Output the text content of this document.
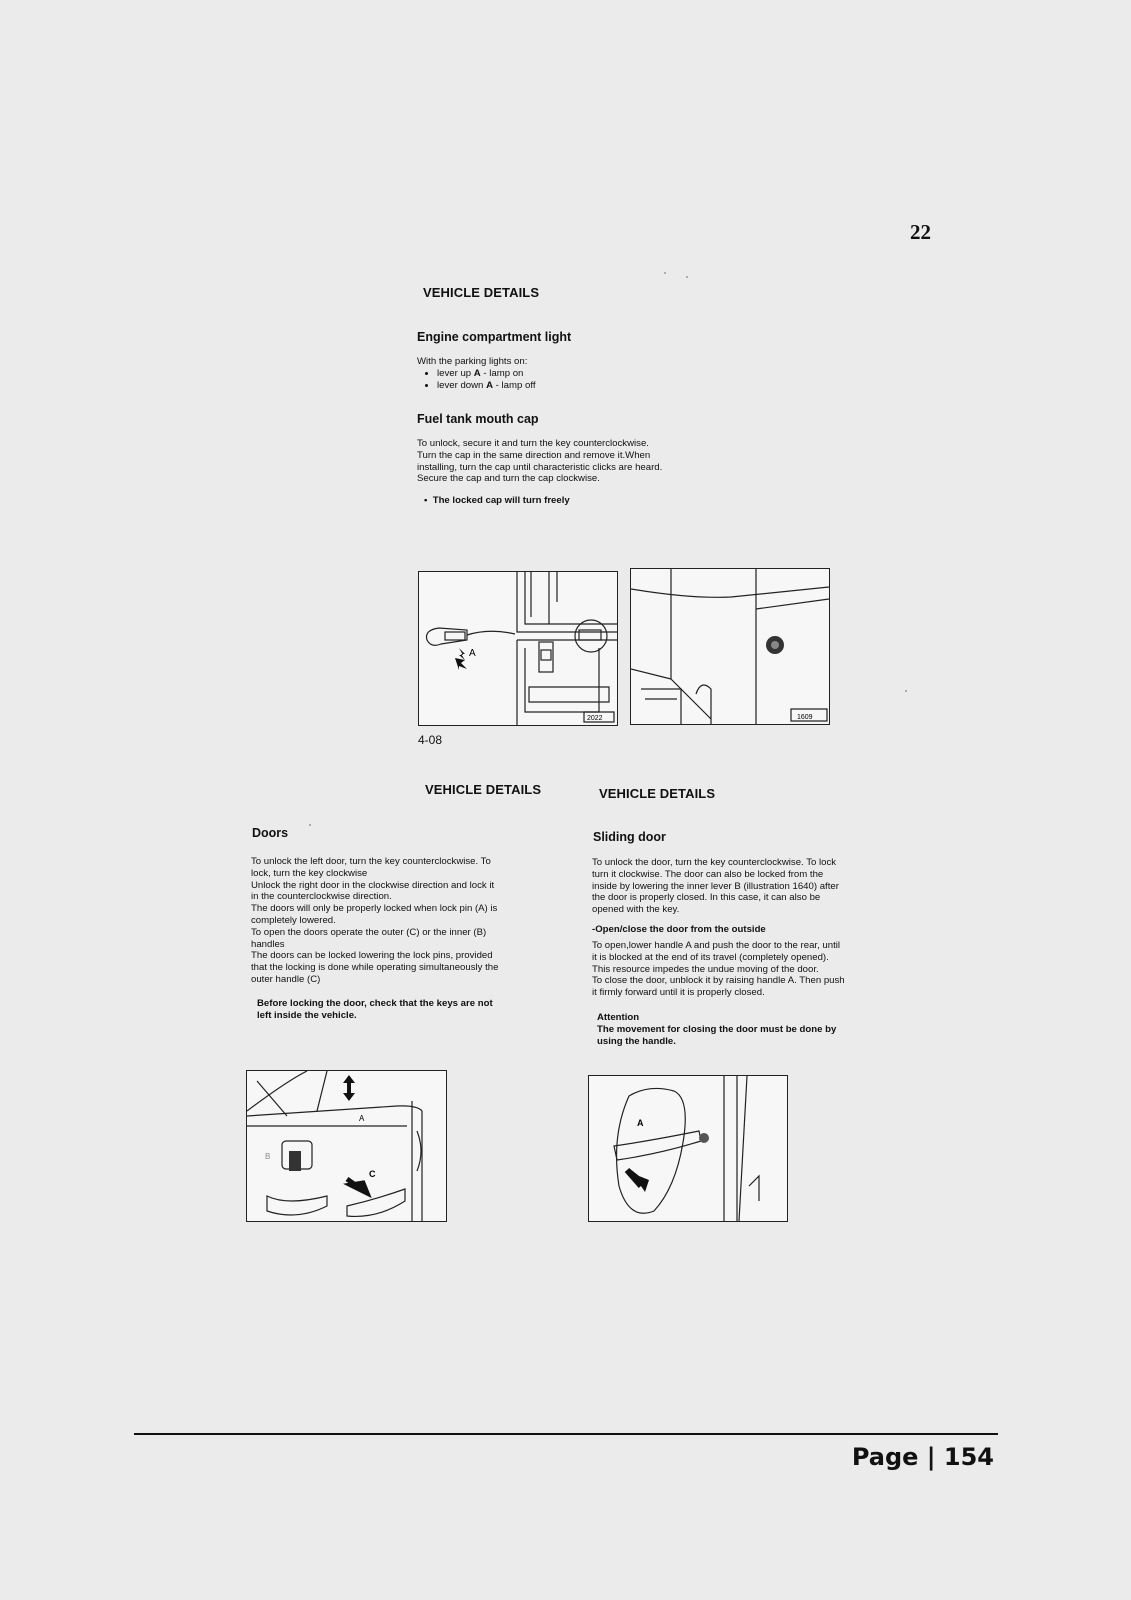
22
VEHICLE DETAILS
Engine compartment light
With the parking lights on:
• lever up A - lamp on
• lever down A - lamp off
Fuel tank mouth cap
To unlock, secure it and turn the key counterclockwise.
Turn the cap in the same direction and remove it.When
installing, turn the cap until characteristic clicks are heard.
Secure the cap and turn the cap clockwise.
•  The locked cap will turn freely
A
2022	1609
4-08
VEHICLE DETAILS
Doors
To unlock the left door, turn the key counterclockwise. To
lock, turn the key clockwise
Unlock the right door in the clockwise direction and lock it
in the counterclockwise direction.
The doors will only be properly locked when lock pin (A) is
completely lowered.
To open the doors operate the outer (C) or the inner (B)
handles
The doors can be locked lowering the lock pins, provided
that the locking is done while operating simultaneously the
outer handle (C)
Before locking the door, check that the keys are not
left inside the vehicle.
A
B
C
VEHICLE DETAILS
Sliding door
To unlock the door, turn the key counterclockwise. To lock
turn it clockwise. The door can also be locked from the
inside by lowering the inner lever B (illustration 1640) after
the door is properly closed. In this case, it can also be
opened with the key.
-Open/close the door from the outside
To open,lower handle A and push the door to the rear, until
it is blocked at the end of its travel (completely opened).
This resource impedes the undue moving of the door.
To close the door, unblock it by raising handle A. Then push
it firmly forward until it is properly closed.
Attention
The movement for closing the door must be done by
using the handle.
A
Page | 154
